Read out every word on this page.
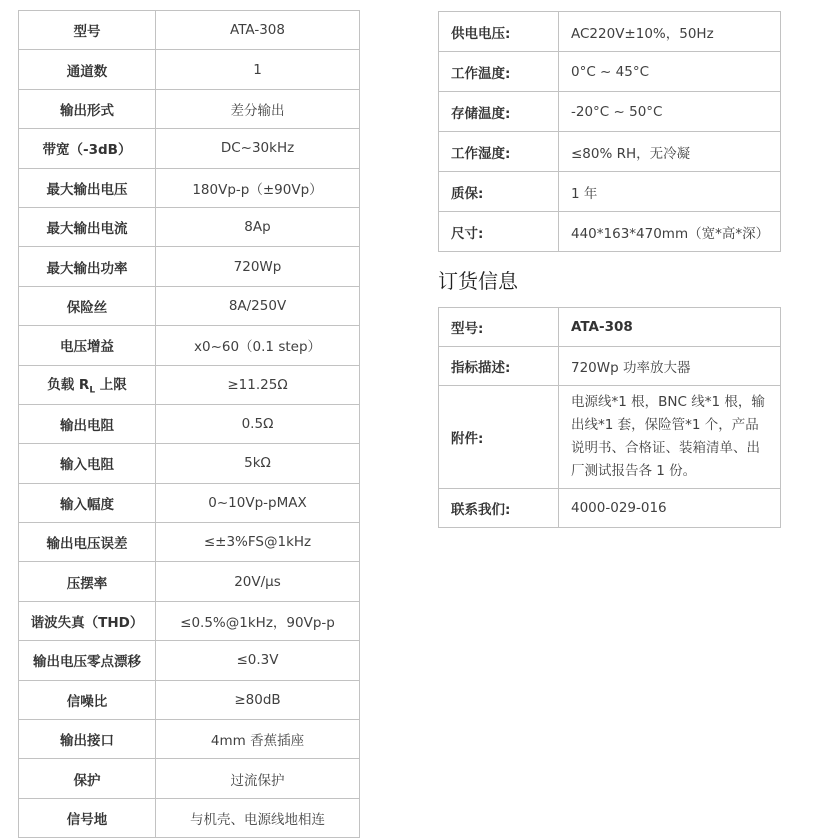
型号	ATA-308
通道数	1
输出形式	差分输出
带宽（-3dB）	DC~30kHz
最大输出电压	180Vp-p（±90Vp）
最大输出电流	8Ap
最大输出功率	720Wp
保险丝	8A/250V
电压增益	x0~60（0.1 step）
负载 $R_L$ 上限	≥11.25Ω
输出电阻	0.5Ω
输入电阻	5kΩ
输入幅度	0~10Vp-pMAX
输出电压误差	≤±3%FS@1kHz
压摆率	20V/μs
谐波失真（THD）	≤0.5%@1kHz，90Vp-p
输出电压零点漂移	≤0.3V
信噪比	≥80dB
输出接口	4mm 香蕉插座
保护	过流保护
信号地	与机壳、电源线地相连
供电电压:	AC220V±10%，50Hz
工作温度:	0°C ~ 45°C
存储温度:	-20°C ~ 50°C
工作湿度:	≤80% RH，无冷凝
质保:	1 年
尺寸:	440*163*470mm（宽*高*深）
订货信息
型号:	ATA-308
指标描述:	720Wp 功率放大器
附件:	电源线*1 根，BNC 线*1 根，输出线*1 套，保险管*1 个，产品说明书、合格证、装箱清单、出厂测试报告各 1 份。
联系我们:	4000-029-016
